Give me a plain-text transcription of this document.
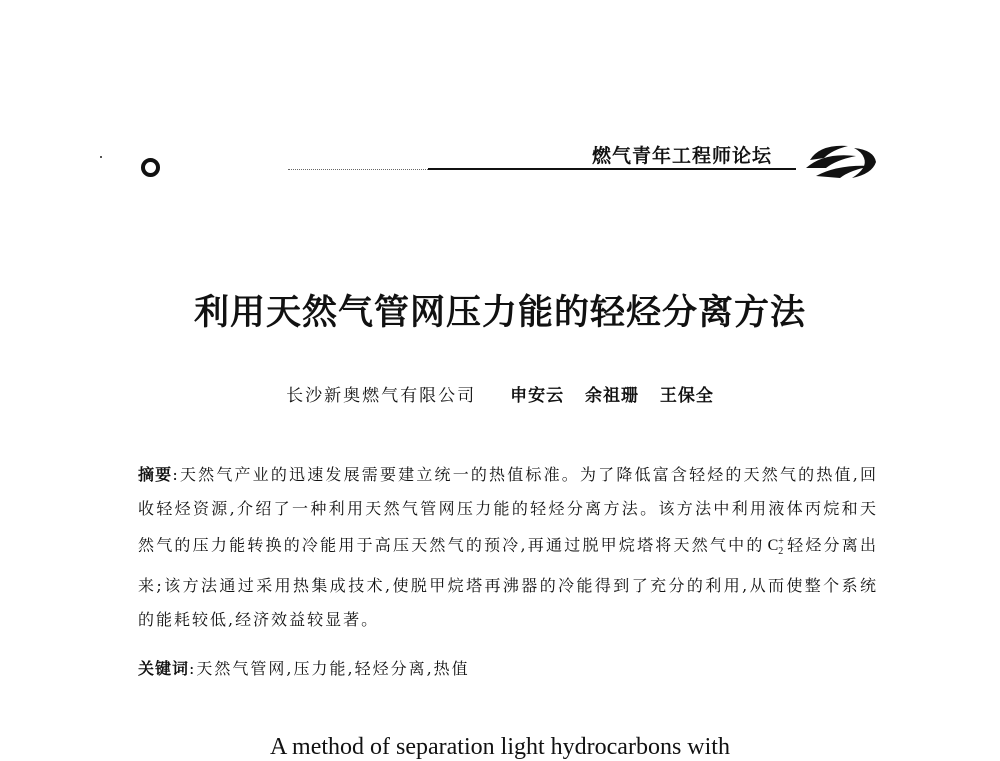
燃气青年工程师论坛
利用天然气管网压力能的轻烃分离方法
长沙新奥燃气有限公司 申安云 余祖珊 王保全
摘要:天然气产业的迅速发展需要建立统一的热值标准。为了降低富含轻烃的天然气的热值,回收轻烃资源,介绍了一种利用天然气管网压力能的轻烃分离方法。该方法中利用液体丙烷和天然气的压力能转换的冷能用于高压天然气的预冷,再通过脱甲烷塔将天然气中的 $C_2^+$ 轻烃分离出来;该方法通过采用热集成技术,使脱甲烷塔再沸器的冷能得到了充分的利用,从而使整个系统的能耗较低,经济效益较显著。
关键词:天然气管网,压力能,轻烃分离,热值
A method of separation light hydrocarbons with
